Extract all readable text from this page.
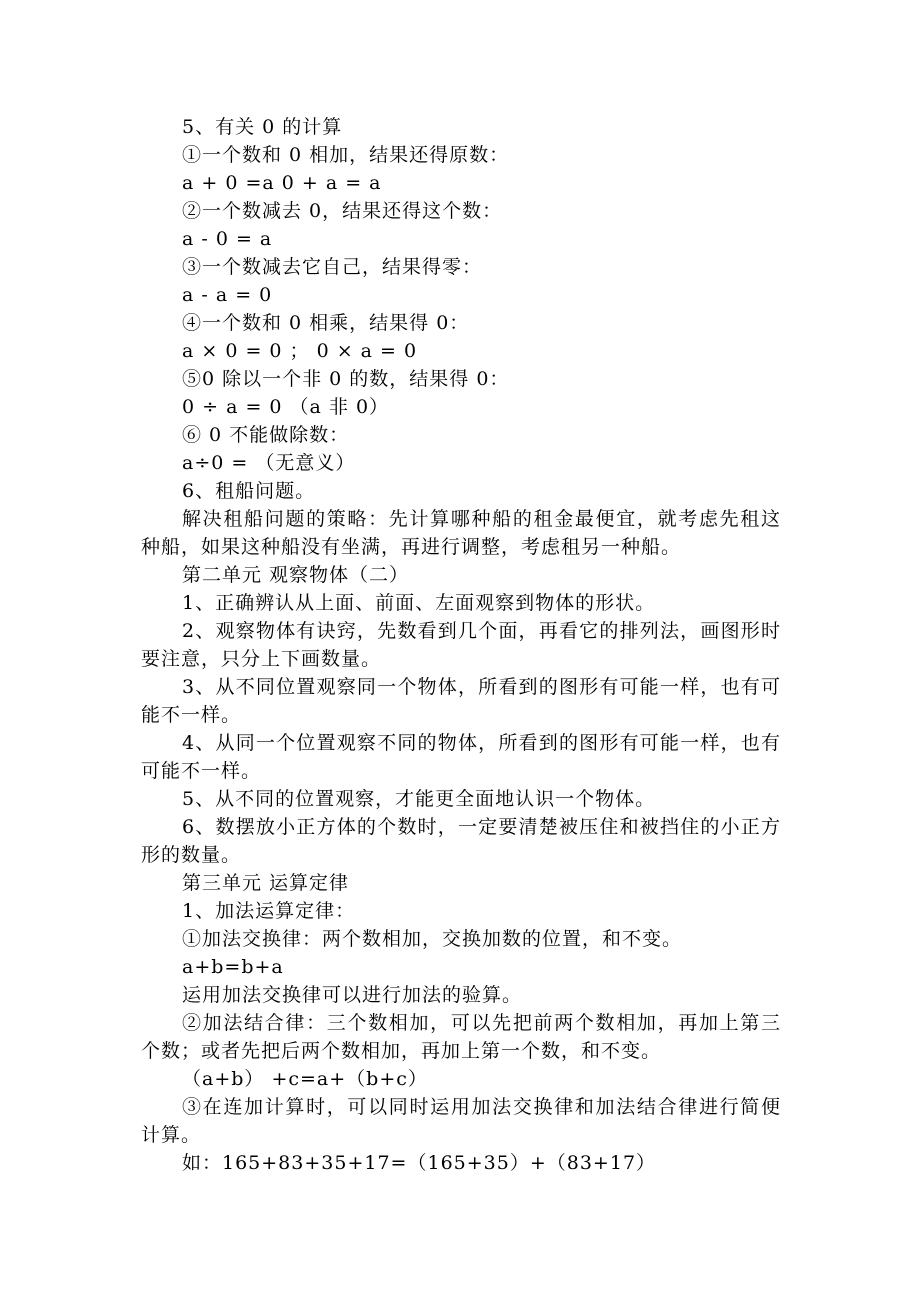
5、有关 0 的计算
①一个数和 0 相加，结果还得原数：
a + 0 =a 0 + a = a
②一个数减去 0，结果还得这个数：
a - 0 = a
③一个数减去它自己，结果得零：
a - a = 0
④一个数和 0 相乘，结果得 0：
a × 0 = 0 ； 0 × a = 0
⑤0 除以一个非 0 的数，结果得 0：
0 ÷ a = 0 （a 非 0）
⑥ 0 不能做除数：
a÷0 = （无意义）
6、租船问题。
解决租船问题的策略：先计算哪种船的租金最便宜，就考虑先租这种船，如果这种船没有坐满，再进行调整，考虑租另一种船。
第二单元 观察物体（二）
1、正确辨认从上面、前面、左面观察到物体的形状。
2、观察物体有诀窍，先数看到几个面，再看它的排列法，画图形时要注意，只分上下画数量。
3、从不同位置观察同一个物体，所看到的图形有可能一样，也有可能不一样。
4、从同一个位置观察不同的物体，所看到的图形有可能一样，也有可能不一样。
5、从不同的位置观察，才能更全面地认识一个物体。
6、数摆放小正方体的个数时，一定要清楚被压住和被挡住的小正方形的数量。
第三单元 运算定律
1、加法运算定律：
①加法交换律：两个数相加，交换加数的位置，和不变。
a+b=b+a
运用加法交换律可以进行加法的验算。
②加法结合律：三个数相加，可以先把前两个数相加，再加上第三个数；或者先把后两个数相加，再加上第一个数，和不变。
（a+b） +c=a+（b+c）
③在连加计算时，可以同时运用加法交换律和加法结合律进行简便计算。
如：165+83+35+17=（165+35）+（83+17）
